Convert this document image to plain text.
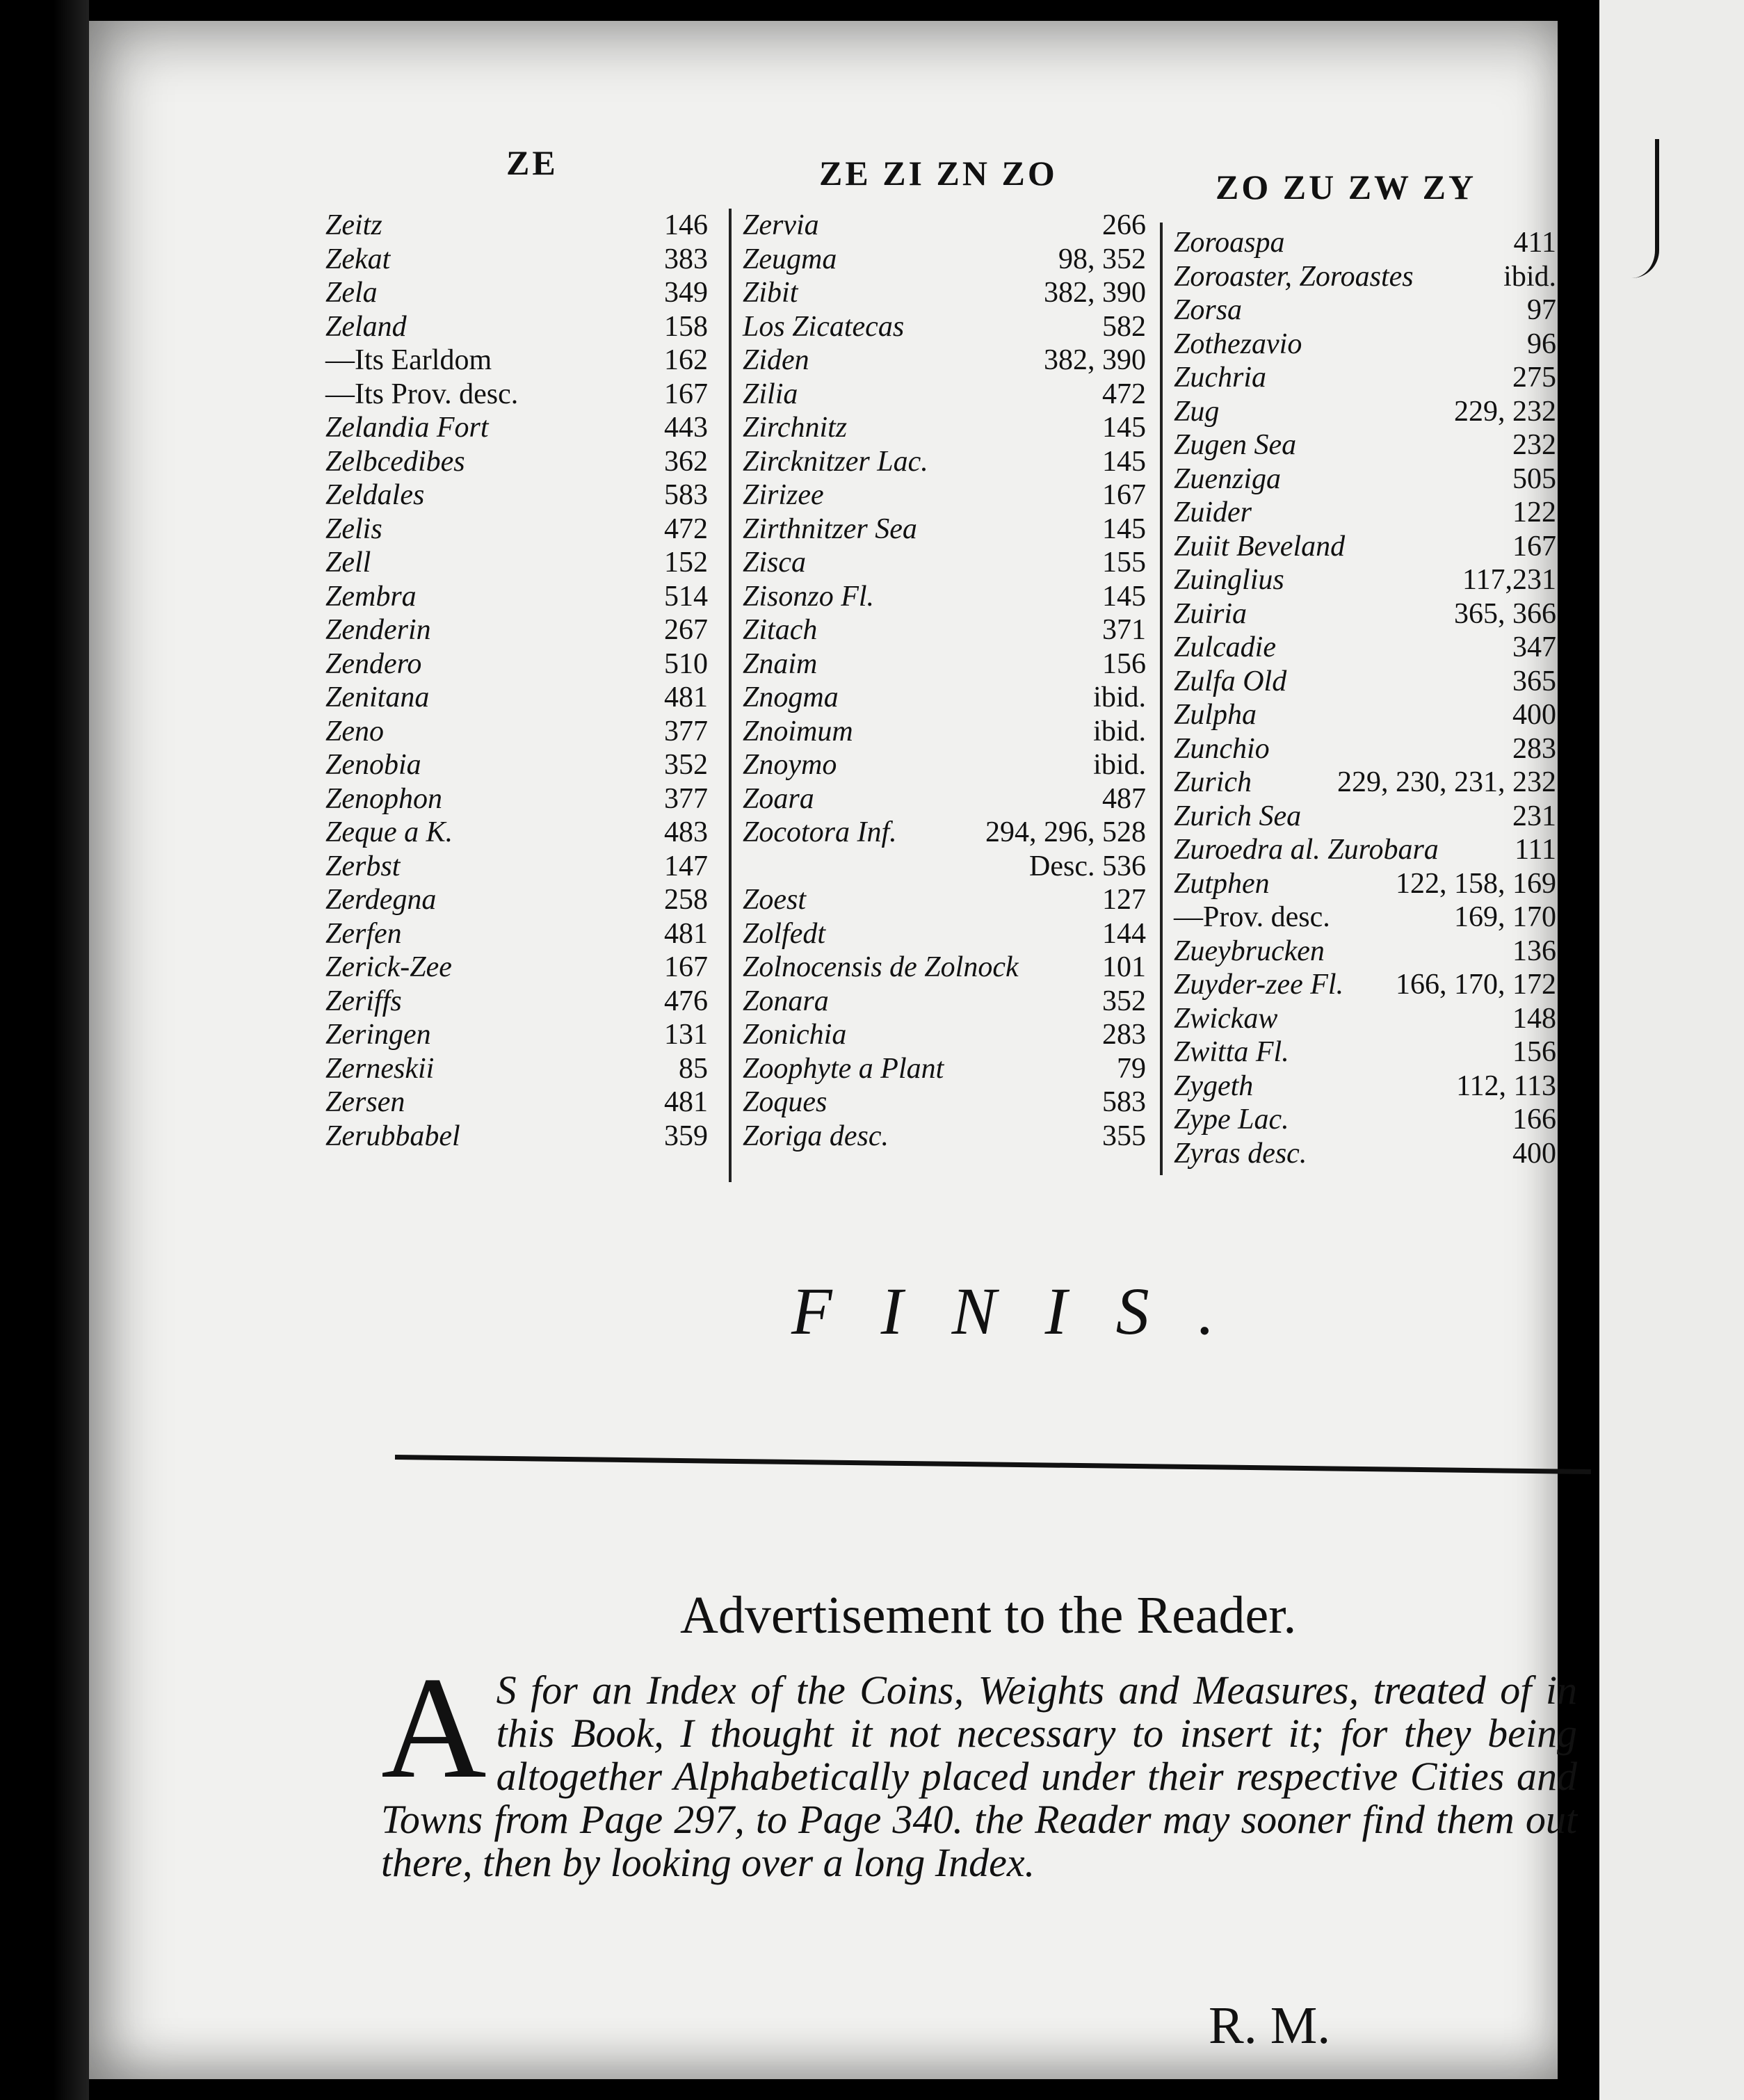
ZE	ZE ZI ZN ZO	ZO ZU ZW ZY
Zeitz	146
Zekat	383
Zela	349
Zeland	158
—Its Earldom	162
—Its Prov. desc.	167
Zelandia Fort	443
Zelbcedibes	362
Zeldales	583
Zelis	472
Zell	152
Zembra	514
Zenderin	267
Zendero	510
Zenitana	481
Zeno	377
Zenobia	352
Zenophon	377
Zeque a K.	483
Zerbst	147
Zerdegna	258
Zerfen	481
Zerick-Zee	167
Zeriffs	476
Zeringen	131
Zerneskii	85
Zersen	481
Zerubbabel	359
Zervia	266
Zeugma	98, 352
Zibit	382, 390
Los Zicatecas	582
Ziden	382, 390
Zilia	472
Zirchnitz	145
Zircknitzer Lac.	145
Zirizee	167
Zirthnitzer Sea	145
Zisca	155
Zisonzo Fl.	145
Zitach	371
Znaim	156
Znogma	ibid.
Znoimum	ibid.
Znoymo	ibid.
Zoara	487
Zocotora Inf.	294, 296, 528
Desc. 536
Zoest	127
Zolfedt	144
Zolnocensis de Zolnock	101
Zonara	352
Zonichia	283
Zoophyte a Plant	79
Zoques	583
Zoriga desc.	355
Zoroaspa	411
Zoroaster, Zoroastes	ibid.
Zorsa	97
Zothezavio	96
Zuchria	275
Zug	229, 232
Zugen Sea	232
Zuenziga	505
Zuider	122
Zuiit Beveland	167
Zuinglius	117,231
Zuiria	365, 366
Zulcadie	347
Zulfa Old	365
Zulpha	400
Zunchio	283
Zurich	229, 230, 231, 232
Zurich Sea	231
Zuroedra al. Zurobara	111
Zutphen	122, 158, 169
—Prov. desc.	169, 170
Zueybrucken	136
Zuyder-zee Fl. 166, 170, 172
Zwickaw	148
Zwitta Fl.	156
Zygeth	112, 113
Zype Lac.	166
Zyras desc.	400
FINIS.
Advertisement to the Reader.
A S for an Index of the Coins, Weights and Measures, treated of in this Book, I thought it not necessary to insert it; for they being altogether Alphabetically placed under their respective Cities and Towns from Page 297, to Page 340. the Reader may sooner find them out there, then by looking over a long Index.
R. M.
